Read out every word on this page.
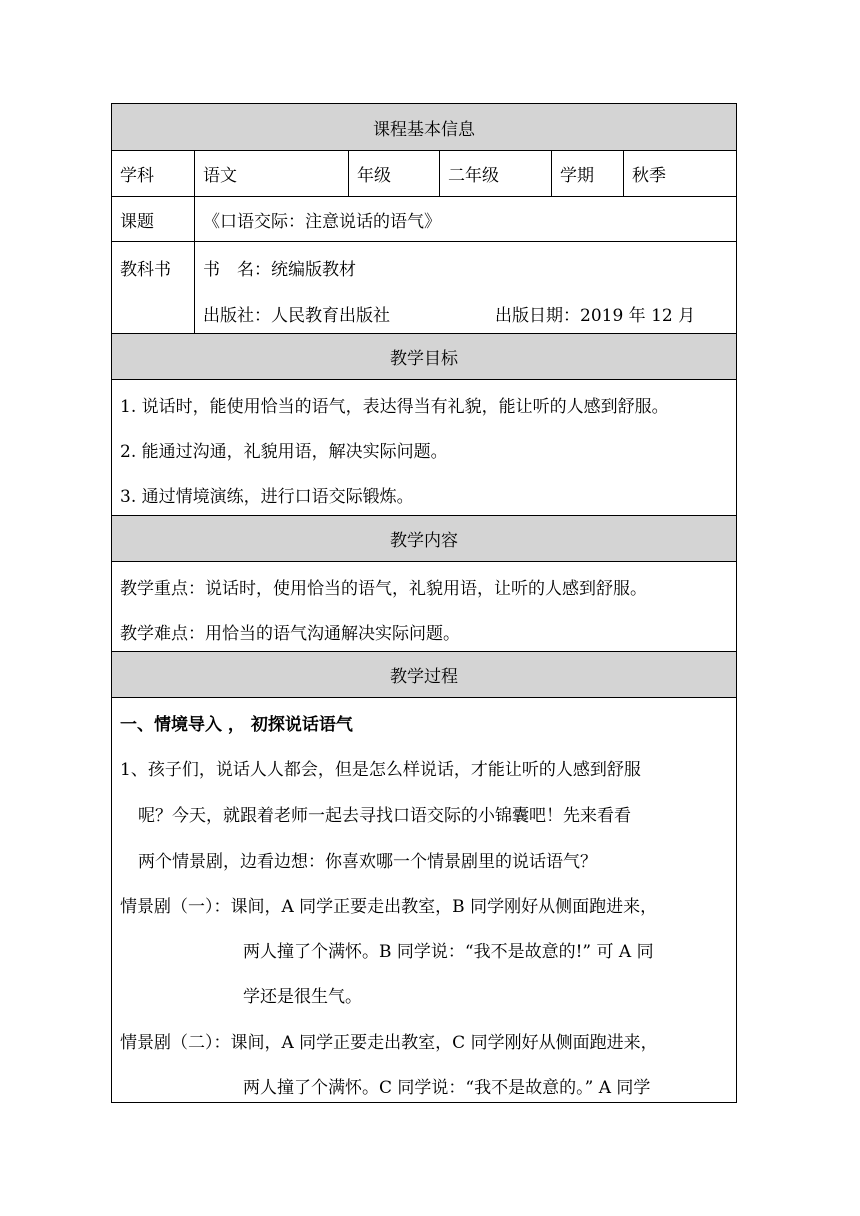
课程基本信息
学科	语文	年级	二年级	学期	秋季
课题	《口语交际：注意说话的语气》
教科书 书　名：统编版教材
出版社：人民教育出版社	出版日期：2019 年 12 月
教学目标
1. 说话时，能使用恰当的语气，表达得当有礼貌，能让听的人感到舒服。
2. 能通过沟通，礼貌用语，解决实际问题。
3. 通过情境演练，进行口语交际锻炼。
教学内容
教学重点：说话时，使用恰当的语气，礼貌用语，让听的人感到舒服。
教学难点：用恰当的语气沟通解决实际问题。
教学过程
一、情境导入 ， 初探说话语气
1、孩子们，说话人人都会，但是怎么样说话，才能让听的人感到舒服
呢？今天，就跟着老师一起去寻找口语交际的小锦囊吧！先来看看
两个情景剧，边看边想：你喜欢哪一个情景剧里的说话语气？
情景剧（一）：课间，A 同学正要走出教室，B 同学刚好从侧面跑进来，
两人撞了个满怀。B 同学说：“我不是故意的!” 可 A 同
学还是很生气。
情景剧（二）：课间，A 同学正要走出教室，C 同学刚好从侧面跑进来，
两人撞了个满怀。C 同学说：“我不是故意的。” A 同学
